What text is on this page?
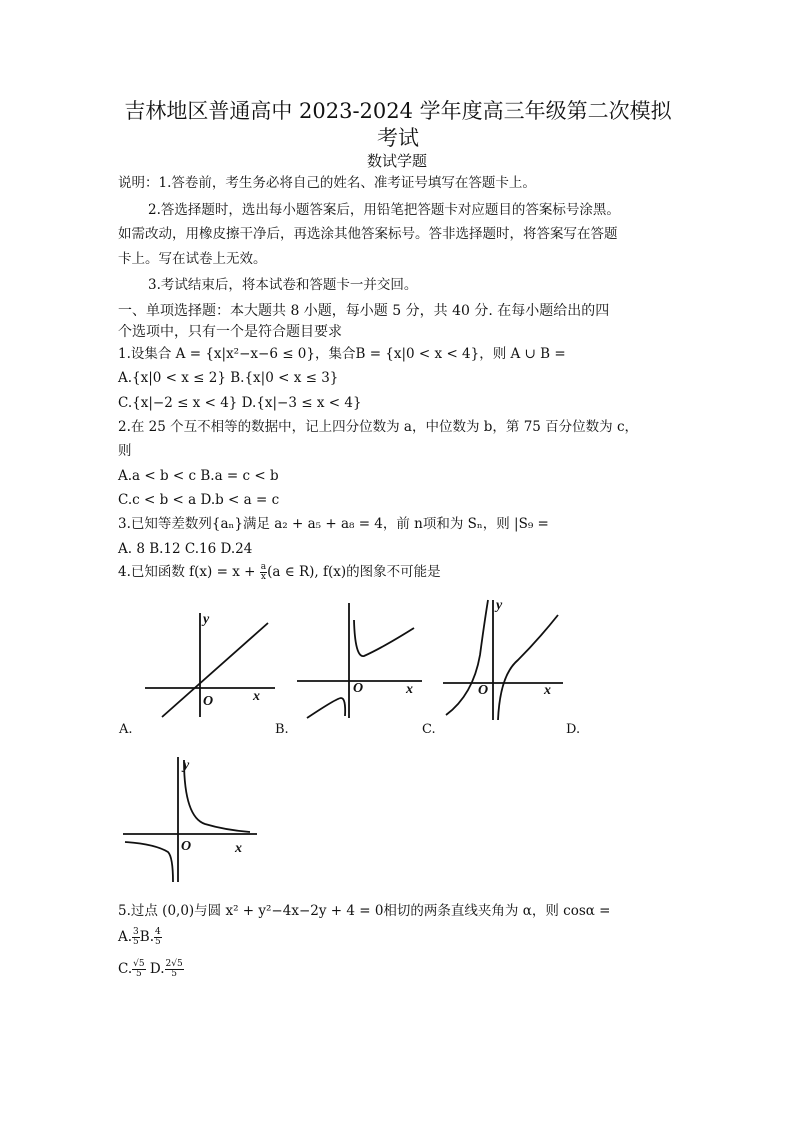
吉林地区普通高中 2023-2024 学年度高三年级第二次模拟考试
数试学题
说明：1.答卷前，考生务必将自己的姓名、准考证号填写在答题卡上。
2.答选择题时，选出每小题答案后，用铅笔把答题卡对应题目的答案标号涂黑。
如需改动，用橡皮擦干净后，再选涂其他答案标号。答非选择题时，将答案写在答题
卡上。写在试卷上无效。
3.考试结束后，将本试卷和答题卡一并交回。
一、单项选择题：本大题共 8 小题，每小题 5 分，共 40 分. 在每小题给出的四
个选项中，只有一个是符合题目要求
1.设集合 A = {x|x²−x−6 ≤ 0}，集合B = {x|0 < x < 4}，则 A ∪ B =
A.{x|0 < x ≤ 2} B.{x|0 < x ≤ 3}
C.{x|−2 ≤ x < 4} D.{x|−3 ≤ x < 4}
2.在 25 个互不相等的数据中，记上四分位数为 a，中位数为 b，第 75 百分位数为 c，
则
A.a < b < c B.a = c < b
C.c < b < a D.b < a = c
3.已知等差数列{aₙ}满足 a₂ + a₅ + a₈ = 4，前 n项和为 Sₙ，则 |S₉ =
A. 8 B.12 C.16 D.24
4.已知函数 $f(x) = x + \frac{a}{x} (a$ ∈ R), f(x)的图象不可能是
y
x
O
A.
x
O
B.
y
x
O
C.	D.
y
x
O
5.过点 (0,0)与圆 x² + y²−4x−2y + 4 = 0相切的两条直线夹角为 α，则 cosα =
A. $\frac{3}{5} B$. $\frac{4}{5}$
C. $\frac{√5}{5} D$. $\frac{2√5}{5}$
